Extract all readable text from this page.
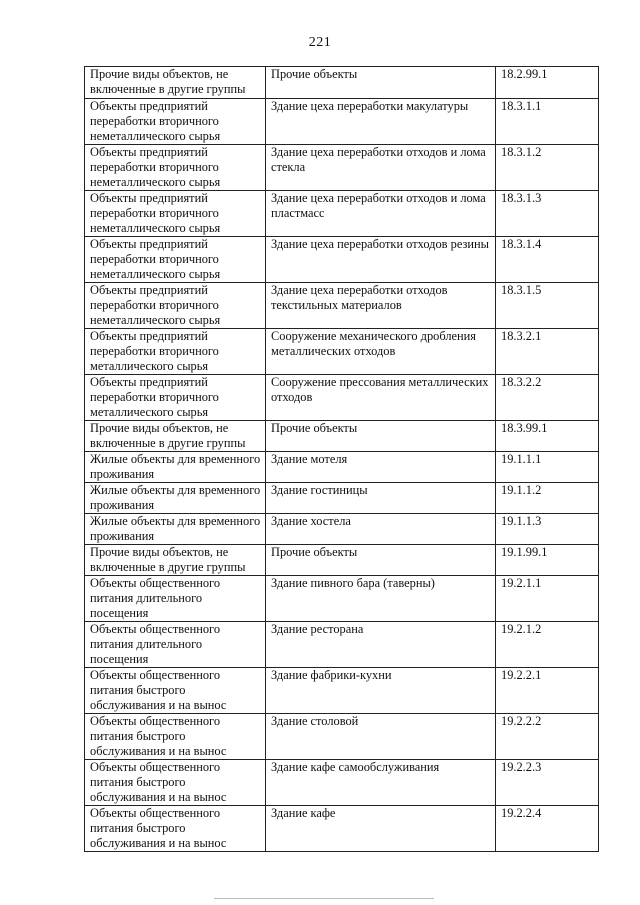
221
Прочие виды объектов, не включенные в другие группы	Прочие объекты	18.2.99.1
Объекты предприятий переработки вторичного неметаллического сырья	Здание цеха переработки макулатуры	18.3.1.1
Объекты предприятий переработки вторичного неметаллического сырья	Здание цеха переработки отходов и лома стекла	18.3.1.2
Объекты предприятий переработки вторичного неметаллического сырья	Здание цеха переработки отходов и лома пластмасс	18.3.1.3
Объекты предприятий переработки вторичного неметаллического сырья	Здание цеха переработки отходов резины	18.3.1.4
Объекты предприятий переработки вторичного неметаллического сырья	Здание цеха переработки отходов текстильных материалов	18.3.1.5
Объекты предприятий переработки вторичного металлического сырья	Сооружение механического дробления металлических отходов	18.3.2.1
Объекты предприятий переработки вторичного металлического сырья	Сооружение прессования металлических отходов	18.3.2.2
Прочие виды объектов, не включенные в другие группы	Прочие объекты	18.3.99.1
Жилые объекты для временного проживания	Здание мотеля	19.1.1.1
Жилые объекты для временного проживания	Здание гостиницы	19.1.1.2
Жилые объекты для временного проживания	Здание хостела	19.1.1.3
Прочие виды объектов, не включенные в другие группы	Прочие объекты	19.1.99.1
Объекты общественного питания длительного посещения	Здание пивного бара (таверны)	19.2.1.1
Объекты общественного питания длительного посещения	Здание ресторана	19.2.1.2
Объекты общественного питания быстрого обслуживания и на вынос	Здание фабрики-кухни	19.2.2.1
Объекты общественного питания быстрого обслуживания и на вынос	Здание столовой	19.2.2.2
Объекты общественного питания быстрого обслуживания и на вынос	Здание кафе самообслуживания	19.2.2.3
Объекты общественного питания быстрого обслуживания и на вынос	Здание кафе	19.2.2.4
